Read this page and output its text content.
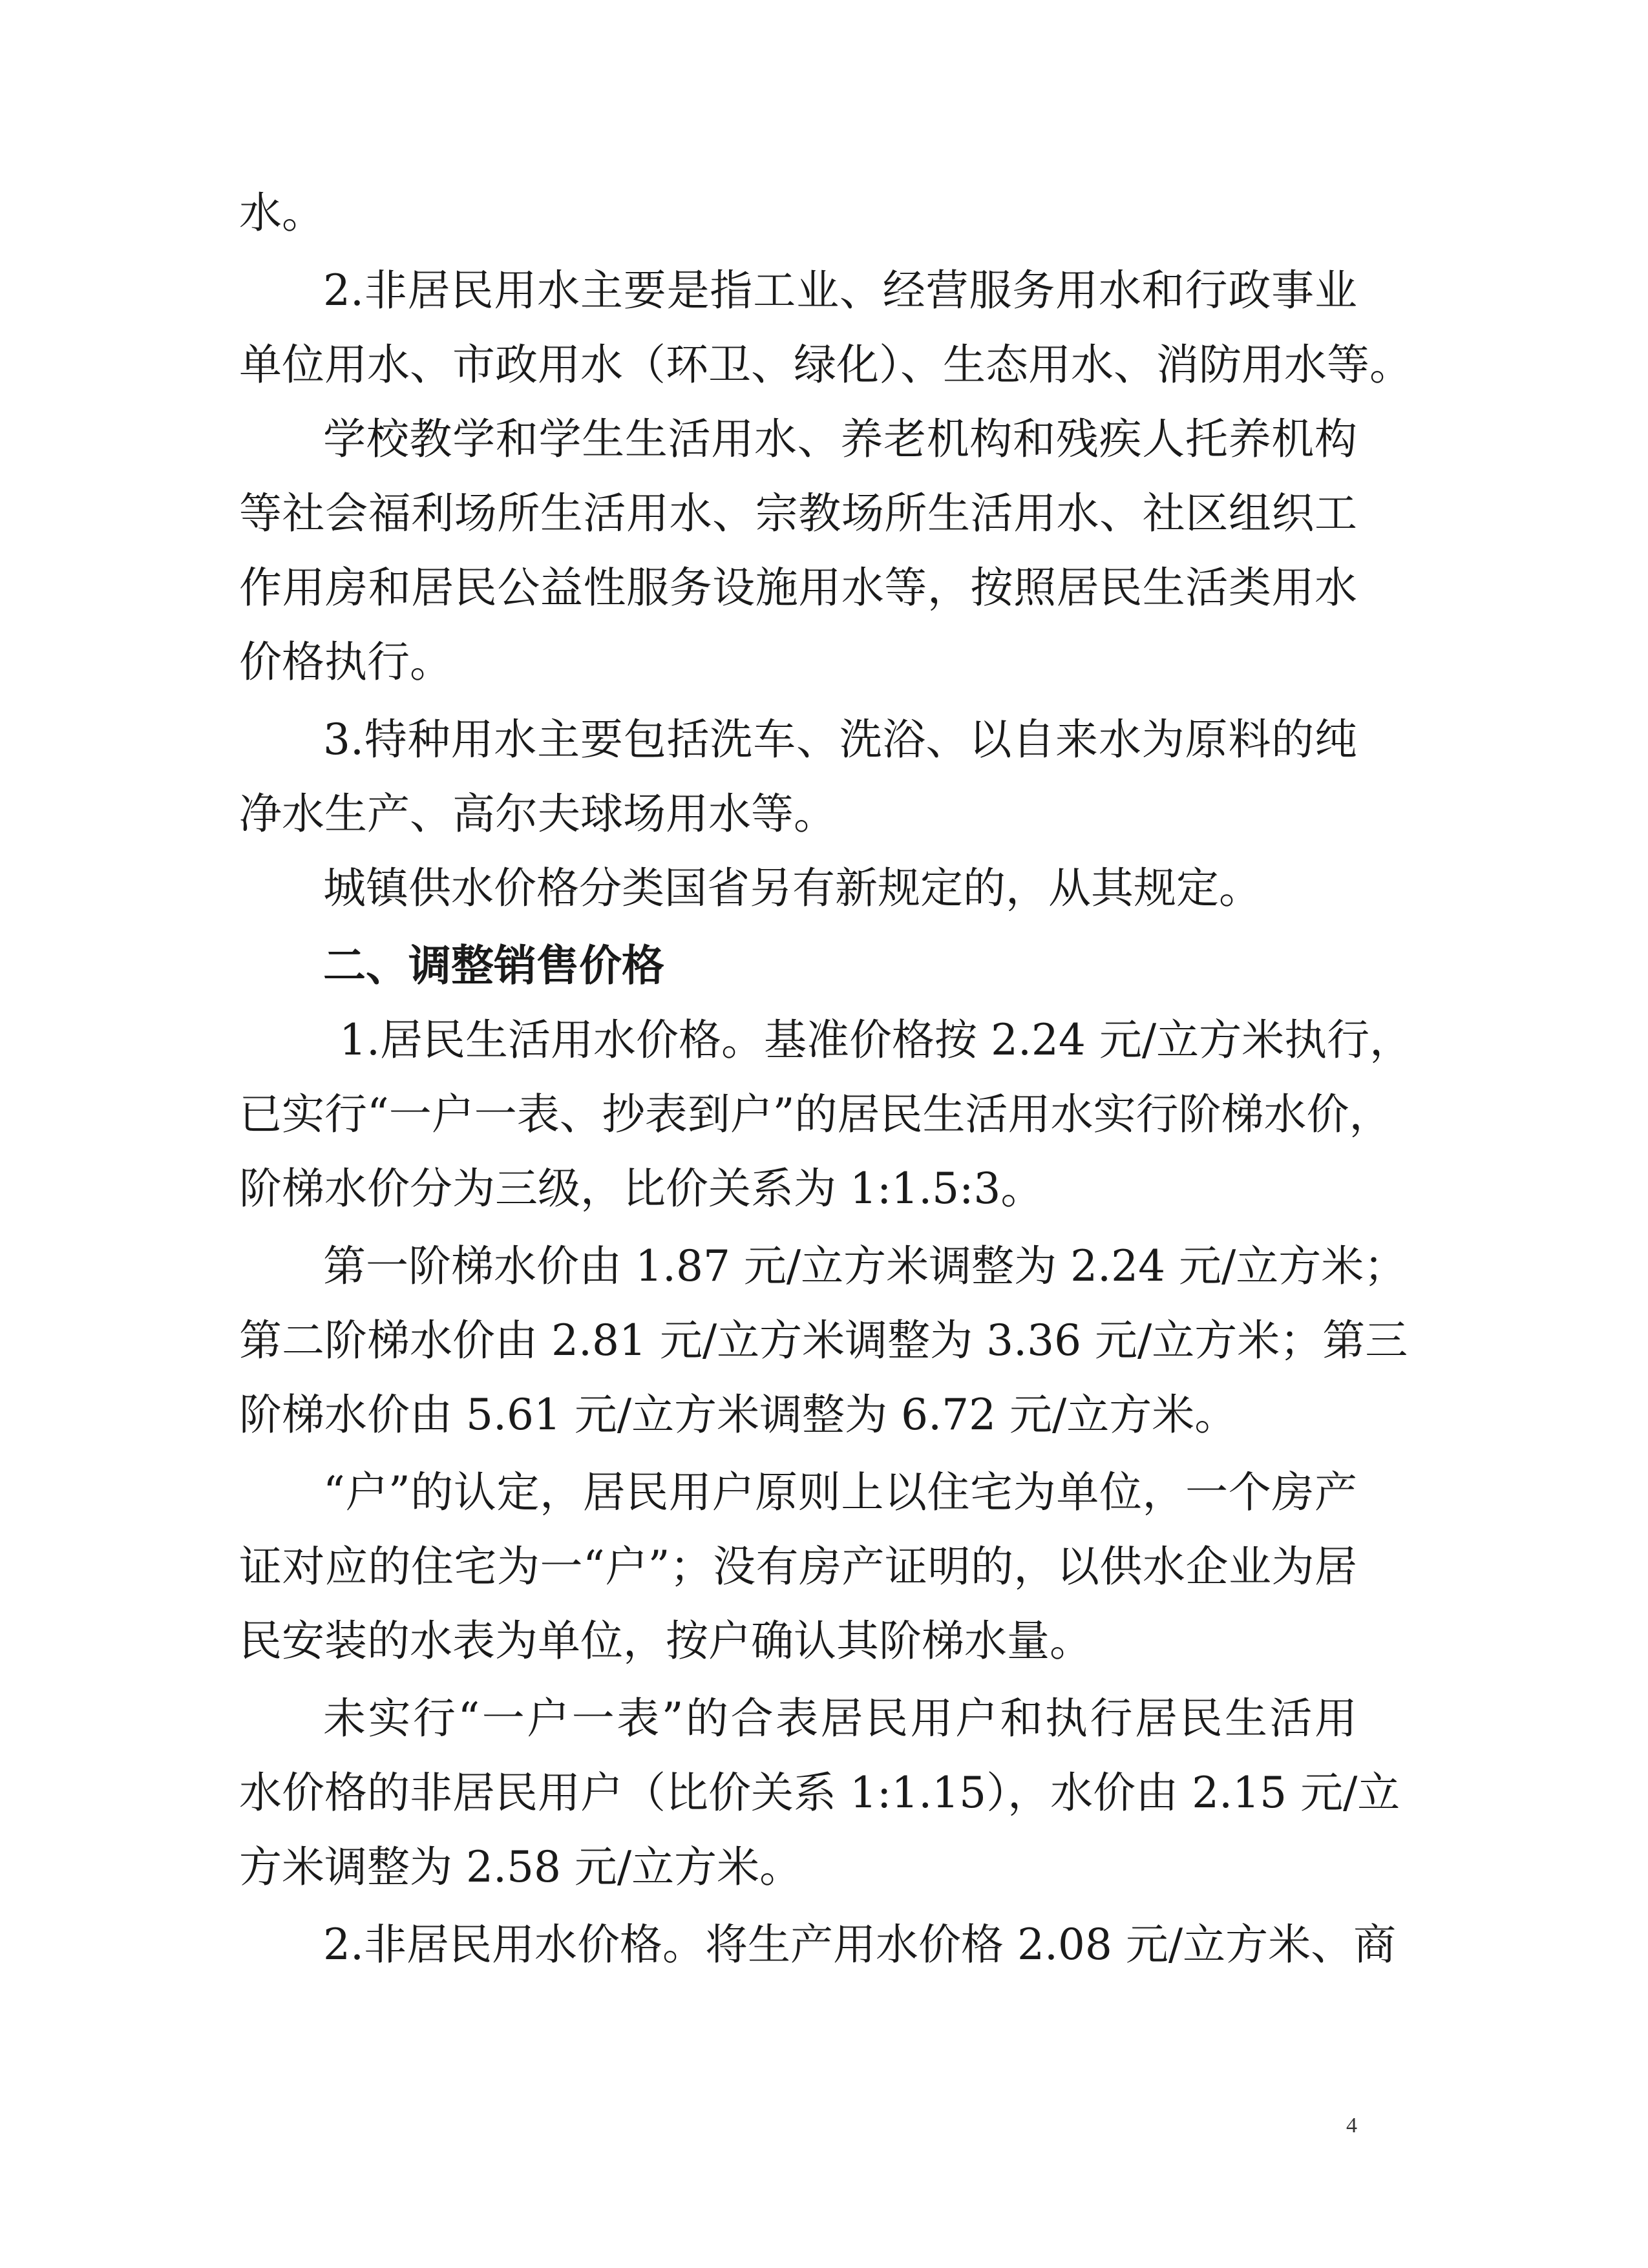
水。
2.非居民用水主要是指工业、经营服务用水和行政事业
单位用水、市政用水（环卫、绿化）、生态用水、消防用水等。
学校教学和学生生活用水、养老机构和残疾人托养机构
等社会福利场所生活用水、宗教场所生活用水、社区组织工
作用房和居民公益性服务设施用水等，按照居民生活类用水
价格执行。
3.特种用水主要包括洗车、洗浴、以自来水为原料的纯
净水生产、高尔夫球场用水等。
城镇供水价格分类国省另有新规定的，从其规定。
二、调整销售价格
1.居民生活用水价格。基准价格按 2.24 元/立方米执行，
已实行“一户一表、抄表到户”的居民生活用水实行阶梯水价，
阶梯水价分为三级，比价关系为 1:1.5:3。
第一阶梯水价由 1.87 元/立方米调整为 2.24 元/立方米；
第二阶梯水价由 2.81 元/立方米调整为 3.36 元/立方米；第三
阶梯水价由 5.61 元/立方米调整为 6.72 元/立方米。
“户”的认定，居民用户原则上以住宅为单位，一个房产
证对应的住宅为一“户”；没有房产证明的，以供水企业为居
民安装的水表为单位，按户确认其阶梯水量。
未实行“一户一表”的合表居民用户和执行居民生活用
水价格的非居民用户（比价关系 1:1.15），水价由 2.15 元/立
方米调整为 2.58 元/立方米。
2.非居民用水价格。将生产用水价格 2.08 元/立方米、商
4
